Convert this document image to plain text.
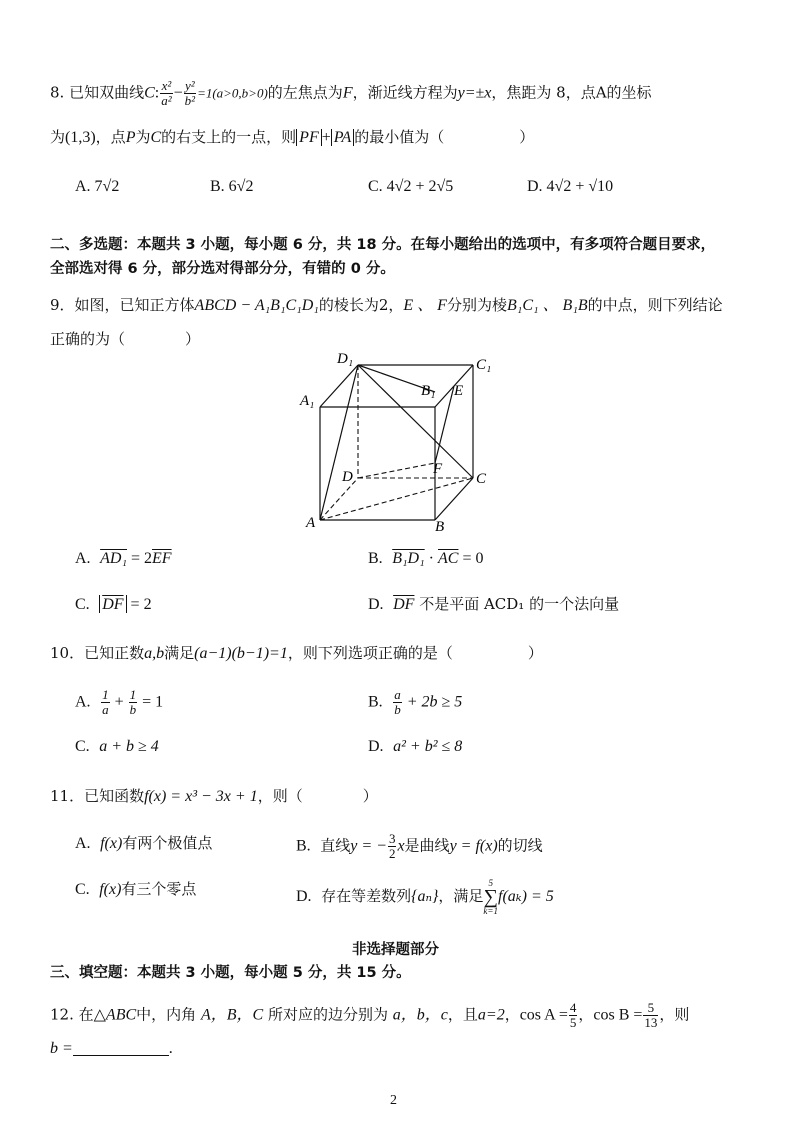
8. 已知双曲线C: $\frac{\text{x²}}{\text{a²}} - \frac{\text{y²}}{\text{b²}} =1(a>0,b>0)$的左焦点为F，渐近线方程为y=±x，焦距为 8，点A的坐标
为(1,3)，点P为C的右支上的一点，则 PF + PA 的最小值为（　　　　　）
A. 7√2	B. 6√2	C. 4√2 + 2√5	D. 4√2 + √10
二、多选题：本题共 3 小题，每小题 6 分，共 18 分。在每小题给出的选项中，有多项符合题目要求，
全部选对得 6 分，部分选对得部分分，有错的 0 分。
9．如图，已知正方体ABCD − A₁B₁C₁D₁的棱长为2，E 、 F分别为棱B₁C₁ 、 B₁B的中点，则下列结论
正确的为（　　　　）
D₁	C₁
A₁
B₁ E
D	F
C
A	B
A. $AD_1 = 2\overline{EF}$	B. $B_1D_1 \cdot \overline{AC} = 0$
C. $\overline{DF} = 2$	D. $\overline{DF}$ 不是平面 ACD₁ 的一个法向量
10．已知正数a,b满足(a−1)(b−1)=1，则下列选项正确的是（　　　　　）
A. $\frac{1}{a} + \frac{1}{b} = 1$	B. $\frac{a}{b} + 2b \ge 5$
C. a + b ≥ 4	D. a² + b² ≤ 8
11．已知函数f(x) = x³ − 3x + 1，则（　　　　）
A. f(x)有两个极值点	B. 直线y = − $\frac{3}{2}$ x是曲线y = f(x)的切线
C. f(x)有三个零点	D. 存在等差数列{aₙ}，满足
5
∑
k=1
f(aₖ) = 5
非选择题部分
三、填空题：本题共 3 小题，每小题 5 分，共 15 分。
12. 在△ABC中，内角 A，B，C 所对应的边分别为 a，b，c，且a=2，$\cos A = \frac{4}{5}$ ，$\cos B = \frac{5}{13}$ ，则
b =	.
2
